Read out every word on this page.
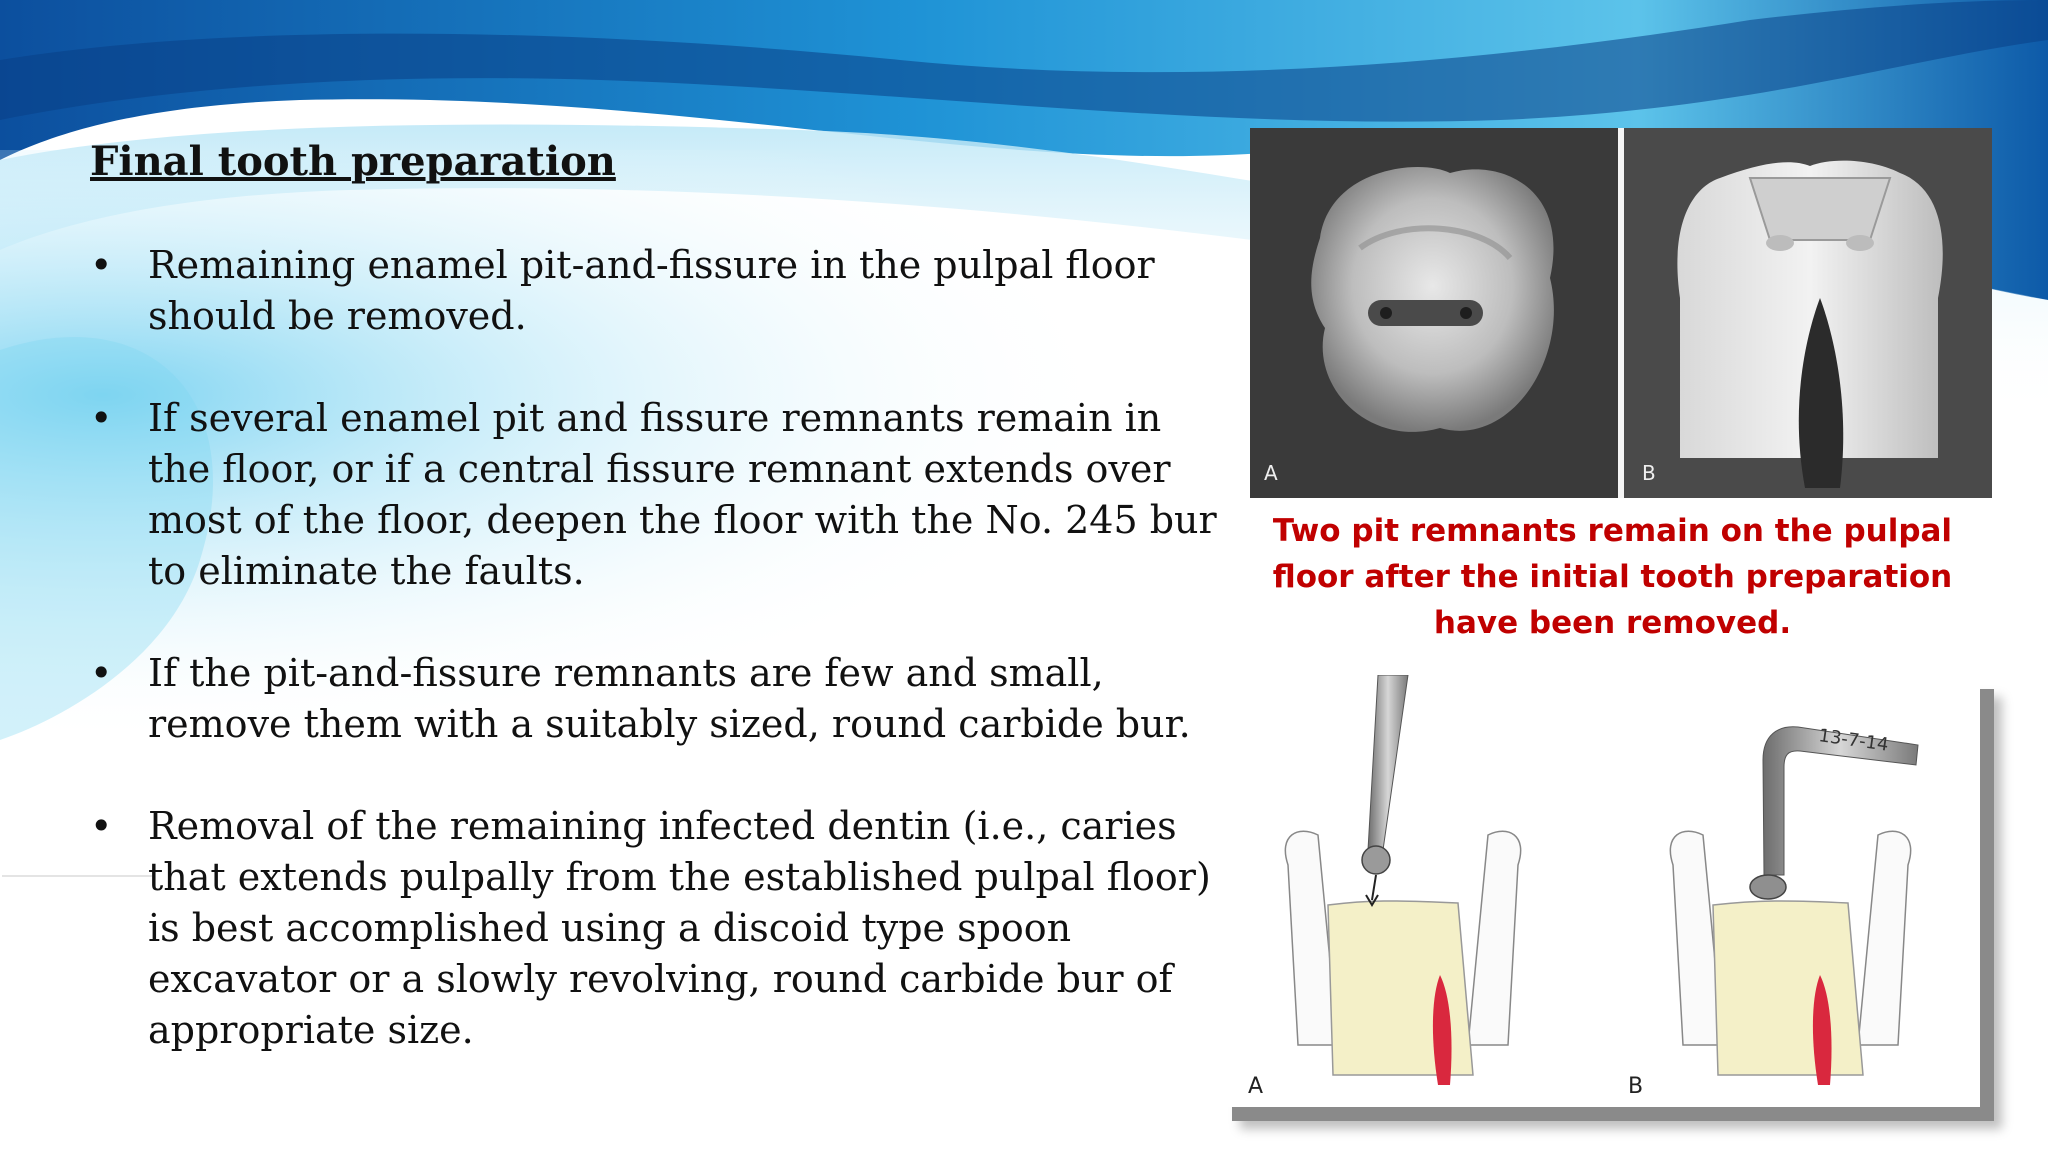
Final tooth preparation
• Remaining enamel pit-and-fissure in the pulpal floor should be removed.
• If several enamel pit and fissure remnants remain in the floor, or if a central fissure remnant extends over most of the floor, deepen the floor with the No. 245 bur to eliminate the faults.
• If the pit-and-fissure remnants are few and small, remove them with a suitably sized, round carbide bur.
• Removal of the remaining infected dentin (i.e., caries that extends pulpally from the established pulpal floor) is best accomplished using a discoid type spoon excavator or a slowly revolving, round carbide bur of appropriate size.
A	B

Two pit remnants remain on the pulpal floor after the initial tooth preparation have been removed.

13-7-14
A	B
